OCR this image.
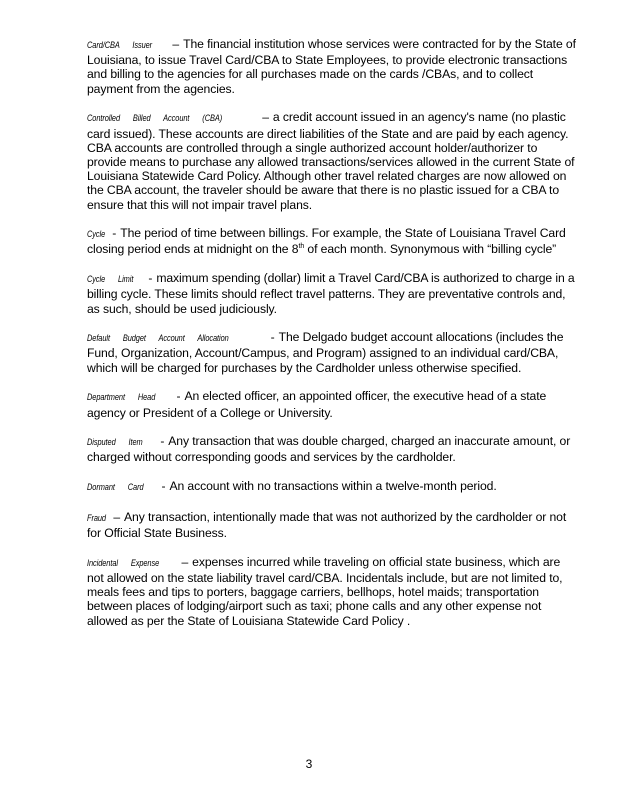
Card/CBA Issuer – The financial institution whose services were contracted for by the State of Louisiana, to issue Travel Card/CBA to State Employees, to provide electronic transactions and billing to the agencies for all purchases made on the cards /CBAs, and to collect payment from the agencies.

Controlled Billed Account (CBA)	– a credit account issued in an agency's name (no plastic card issued). These accounts are direct liabilities of the State and are paid by each agency. CBA accounts are controlled through a single authorized account holder/authorizer to provide means to purchase any allowed transactions/services allowed in the current State of Louisiana Statewide Card Policy. Although other travel related charges are now allowed on the CBA account, the traveler should be aware that there is no plastic issued for a CBA to ensure that this will not impair travel plans.

Cycle - The period of time between billings. For example, the State of Louisiana Travel Card closing period ends at midnight on the 8th of each month. Synonymous with “billing cycle”

Cycle Limit - maximum spending (dollar) limit a Travel Card/CBA is authorized to charge in a billing cycle. These limits should reflect travel patterns. They are preventative controls and, as such, should be used judiciously.

Default Budget Account Allocation	- The Delgado budget account allocations (includes the Fund, Organization, Account/Campus, and Program) assigned to an individual card/CBA, which will be charged for purchases by the Cardholder unless otherwise specified.

Department Head - An elected officer, an appointed officer, the executive head of a state agency or President of a College or University.

Disputed Item - Any transaction that was double charged, charged an inaccurate amount, or charged without corresponding goods and services by the cardholder.

Dormant Card - An account with no transactions within a twelve-month period.

Fraud – Any transaction, intentionally made that was not authorized by the cardholder or not for Official State Business.

Incidental Expense – expenses incurred while traveling on official state business, which are not allowed on the state liability travel card/CBA. Incidentals include, but are not limited to, meals fees and tips to porters, baggage carriers, bellhops, hotel maids; transportation between places of lodging/airport such as taxi; phone calls and any other expense not allowed as per the State of Louisiana Statewide Card Policy .

3
